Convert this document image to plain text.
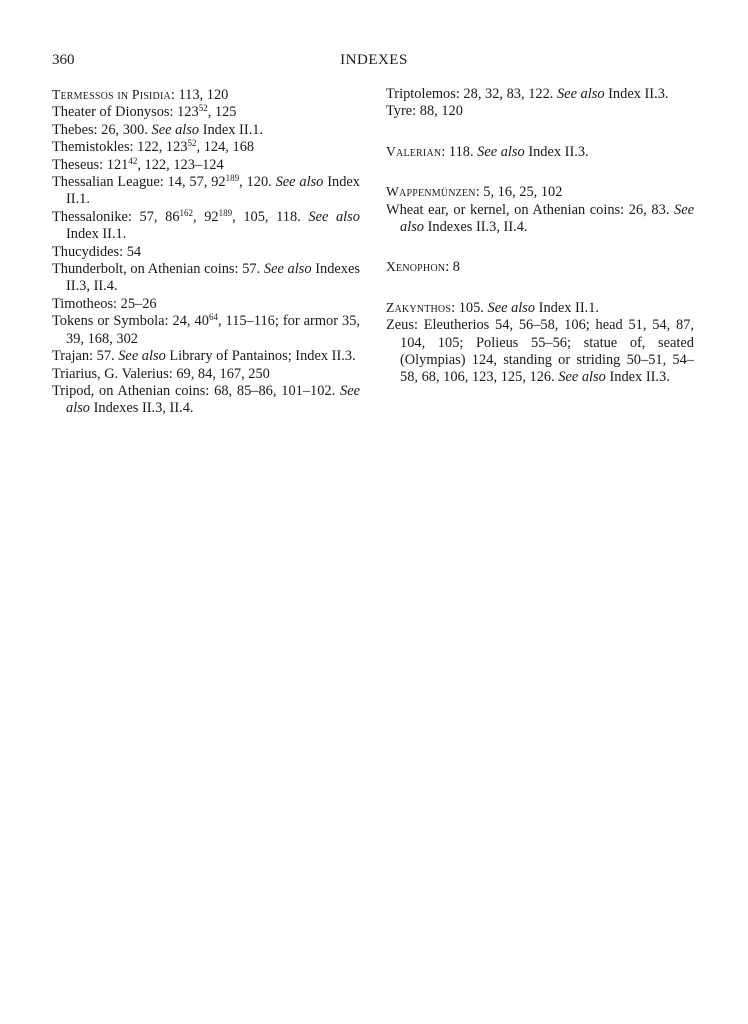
360	INDEXES
Termessos in Pisidia: 113, 120
Theater of Dionysos: $123^{52}$, 125
Thebes: 26, 300. See also Index II.1.
Themistokles: 122, $123^{52}$, 124, 168
Theseus: $121^{42}$, 122, 123–124
Thessalian League: 14, 57, $92^{189}$, 120. See also Index II.1.
Thessalonike: 57, $86^{162}$, $92^{189}$, 105, 118. See also Index II.1.
Thucydides: 54
Thunderbolt, on Athenian coins: 57. See also Indexes II.3, II.4.
Timotheos: 25–26
Tokens or Symbola: 24, $40^{64}$, 115–116; for armor 35, 39, 168, 302
Trajan: 57. See also Library of Pantainos; Index II.3.
Triarius, G. Valerius: 69, 84, 167, 250
Tripod, on Athenian coins: 68, 85–86, 101–102. See also Indexes II.3, II.4.
Triptolemos: 28, 32, 83, 122. See also Index II.3.
Tyre: 88, 120
Valerian: 118. See also Index II.3.
Wappenmünzen: 5, 16, 25, 102
Wheat ear, or kernel, on Athenian coins: 26, 83. See also Indexes II.3, II.4.
Xenophon: 8
Zakynthos: 105. See also Index II.1.
Zeus: Eleutherios 54, 56–58, 106; head 51, 54, 87, 104, 105; Polieus 55–56; statue of, seated (Olympias) 124, standing or striding 50–51, 54–58, 68, 106, 123, 125, 126. See also Index II.3.
